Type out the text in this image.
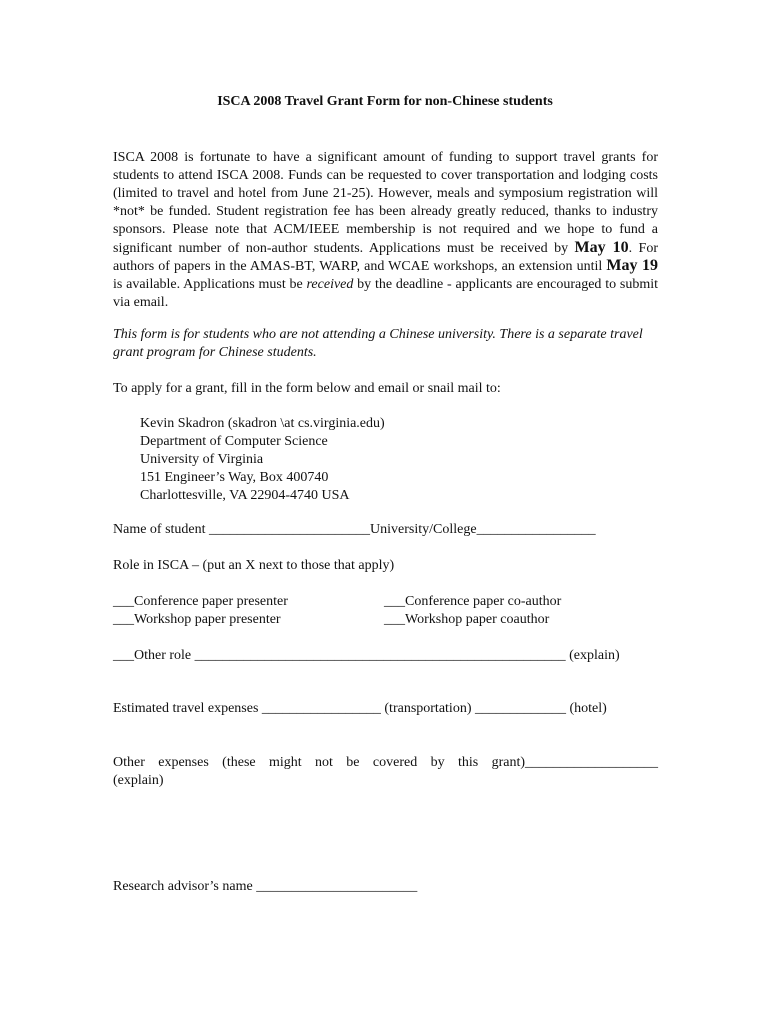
ISCA 2008 Travel Grant Form for non-Chinese students
ISCA 2008 is fortunate to have a significant amount of funding to support travel grants for students to attend ISCA 2008. Funds can be requested to cover transportation and lodging costs (limited to travel and hotel from June 21-25). However, meals and symposium registration will *not* be funded. Student registration fee has been already greatly reduced, thanks to industry sponsors. Please note that ACM/IEEE membership is not required and we hope to fund a significant number of non-author students. Applications must be received by May 10. For authors of papers in the AMAS-BT, WARP, and WCAE workshops, an extension until May 19 is available. Applications must be received by the deadline - applicants are encouraged to submit via email.
This form is for students who are not attending a Chinese university. There is a separate travel grant program for Chinese students.
To apply for a grant, fill in the form below and email or snail mail to:
Kevin Skadron (skadron \at cs.virginia.edu)
Department of Computer Science
University of Virginia
151 Engineer’s Way, Box 400740
Charlottesville, VA 22904-4740 USA
Name of student _______________________University/College_________________
Role in ISCA – (put an X next to those that apply)
___Conference paper presenter	___Conference paper co-author
___Workshop paper presenter	___Workshop paper coauthor
___Other role _____________________________________________________ (explain)
Estimated travel expenses _________________ (transportation) _____________ (hotel)
Other expenses (these might not be covered by this grant)___________________
(explain)
Research advisor’s name _______________________
